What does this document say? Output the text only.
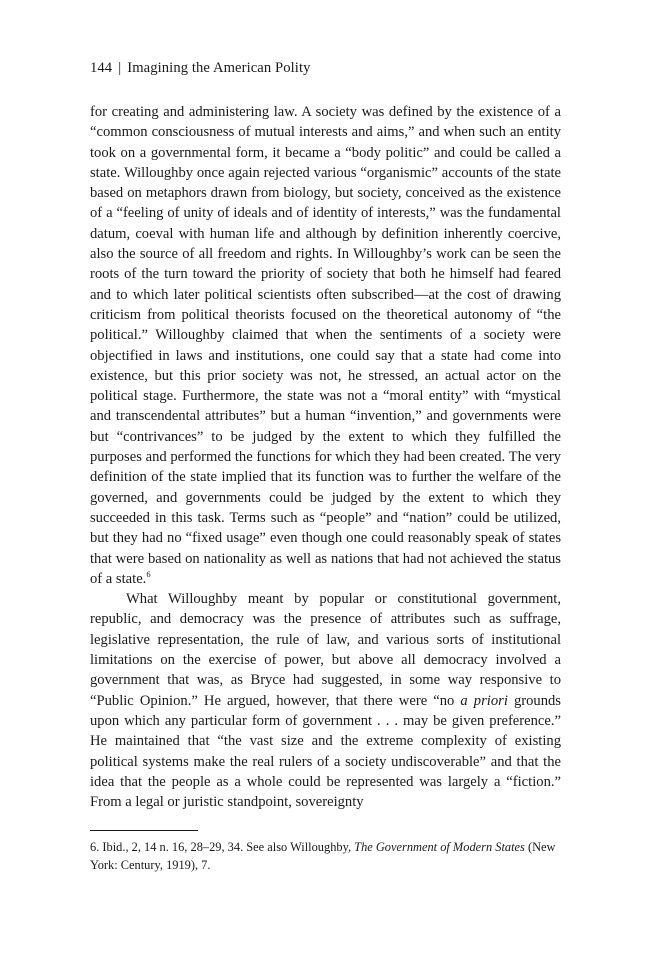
144 | Imagining the American Polity

for creating and administering law. A society was defined by the existence of a “common consciousness of mutual interests and aims,” and when such an entity took on a governmental form, it became a “body politic” and could be called a state. Willoughby once again rejected various “organismic” accounts of the state based on metaphors drawn from biology, but society, conceived as the existence of a “feeling of unity of ideals and of identity of interests,” was the fundamental datum, coeval with human life and although by definition inherently coercive, also the source of all freedom and rights. In Willoughby’s work can be seen the roots of the turn toward the priority of society that both he himself had feared and to which later political scientists often subscribed—at the cost of drawing criticism from political theorists focused on the theoretical autonomy of “the political.” Willoughby claimed that when the sentiments of a society were objectified in laws and institutions, one could say that a state had come into existence, but this prior society was not, he stressed, an actual actor on the political stage. Furthermore, the state was not a “moral entity” with “mystical and transcendental attributes” but a human “invention,” and governments were but “contrivances” to be judged by the extent to which they fulfilled the purposes and performed the functions for which they had been created. The very definition of the state implied that its function was to further the welfare of the governed, and governments could be judged by the extent to which they succeeded in this task. Terms such as “people” and “nation” could be utilized, but they had no “fixed usage” even though one could reasonably speak of states that were based on nationality as well as nations that had not achieved the status of a state.$^6$

What Willoughby meant by popular or constitutional government, republic, and democracy was the presence of attributes such as suffrage, legislative representation, the rule of law, and various sorts of institutional limitations on the exercise of power, but above all democracy involved a government that was, as Bryce had suggested, in some way responsive to “Public Opinion.” He argued, however, that there were “no a priori grounds upon which any particular form of government . . . may be given preference.” He maintained that “the vast size and the extreme complexity of existing political systems make the real rulers of a society undiscoverable” and that the idea that the people as a whole could be represented was largely a “fiction.” From a legal or juristic standpoint, sovereignty

6. Ibid., 2, 14 n. 16, 28–29, 34. See also Willoughby, The Government of Modern States (New York: Century, 1919), 7.
